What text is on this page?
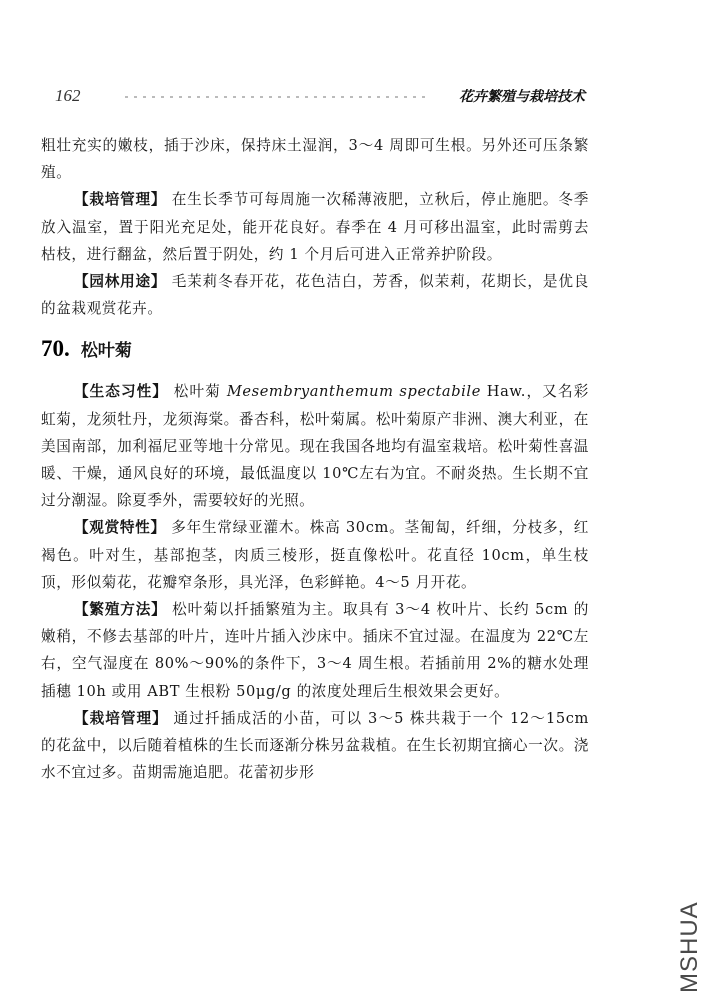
162	花卉繁殖与栽培技术

粗壮充实的嫩枝，插于沙床，保持床土湿润，3～4 周即可生根。另外还可压条繁殖。

【栽培管理】 在生长季节可每周施一次稀薄液肥，立秋后，停止施肥。冬季放入温室，置于阳光充足处，能开花良好。春季在 4 月可移出温室，此时需剪去枯枝，进行翻盆，然后置于阴处，约 1 个月后可进入正常养护阶段。

【园林用途】 毛茉莉冬春开花，花色洁白，芳香，似茉莉，花期长，是优良的盆栽观赏花卉。

70. 松叶菊

【生态习性】 松叶菊 Mesembryanthemum spectabile Haw.，又名彩虹菊，龙须牡丹，龙须海棠。番杏科，松叶菊属。松叶菊原产非洲、澳大利亚，在美国南部，加利福尼亚等地十分常见。现在我国各地均有温室栽培。松叶菊性喜温暖、干燥，通风良好的环境，最低温度以 10℃左右为宜。不耐炎热。生长期不宜过分潮湿。除夏季外，需要较好的光照。

【观赏特性】 多年生常绿亚灌木。株高 30cm。茎匍匐，纤细，分枝多，红褐色。叶对生，基部抱茎，肉质三棱形，挺直像松叶。花直径 10cm，单生枝顶，形似菊花，花瓣窄条形，具光泽，色彩鲜艳。4～5 月开花。

【繁殖方法】 松叶菊以扦插繁殖为主。取具有 3～4 枚叶片、长约 5cm 的嫩稍，不修去基部的叶片，连叶片插入沙床中。插床不宜过湿。在温度为 22℃左右，空气湿度在 80%～90%的条件下，3～4 周生根。若插前用 2%的糖水处理插穗 10h 或用 ABT 生根粉 50μg/g 的浓度处理后生根效果会更好。

【栽培管理】 通过扦插成活的小苗，可以 3～5 株共栽于一个 12～15cm 的花盆中，以后随着植株的生长而逐渐分株另盆栽植。在生长初期宜摘心一次。浇水不宜过多。苗期需施追肥。花蕾初步形

MSHUA
